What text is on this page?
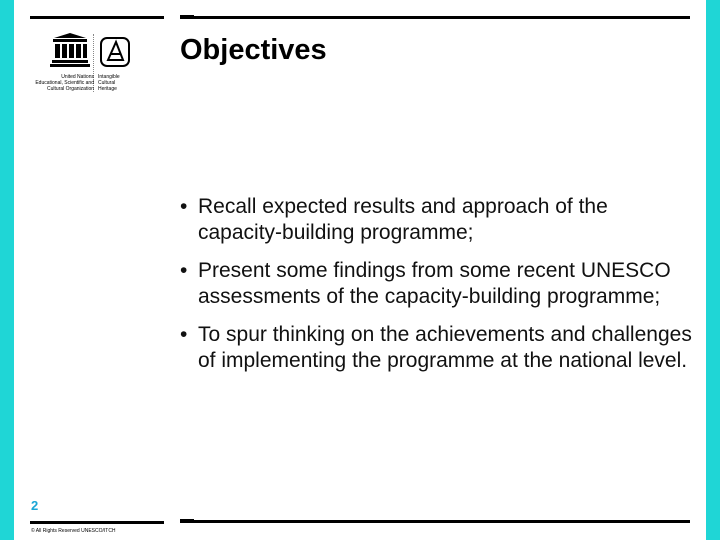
United Nations
Educational, Scientific and
Cultural Organization
Intangible
Cultural
Heritage
Objectives
• Recall expected results and approach of the capacity-building programme;
• Present some findings from some recent UNESCO assessments of the capacity-building programme;
• To spur thinking on the achievements and challenges of implementing the programme at the national level.
2
© All Rights Reserved UNESCO/ITCH
